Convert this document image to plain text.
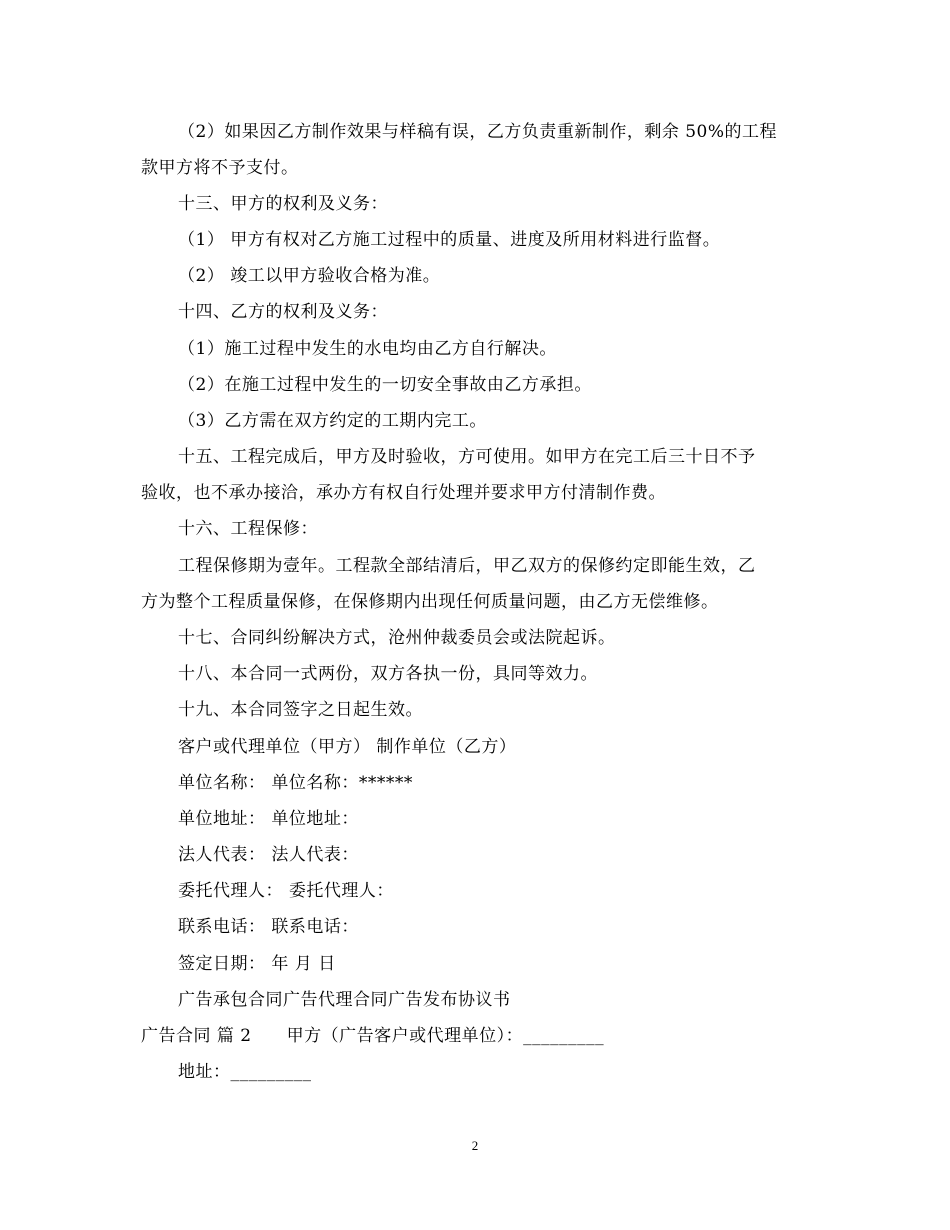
（2）如果因乙方制作效果与样稿有误，乙方负责重新制作，剩余 50%的工程
款甲方将不予支付。
十三、甲方的权利及义务：
（1） 甲方有权对乙方施工过程中的质量、进度及所用材料进行监督。
（2） 竣工以甲方验收合格为准。
十四、乙方的权利及义务：
（1）施工过程中发生的水电均由乙方自行解决。
（2）在施工过程中发生的一切安全事故由乙方承担。
（3）乙方需在双方约定的工期内完工。
十五、工程完成后，甲方及时验收，方可使用。如甲方在完工后三十日不予
验收，也不承办接洽，承办方有权自行处理并要求甲方付清制作费。
十六、工程保修：
工程保修期为壹年。工程款全部结清后，甲乙双方的保修约定即能生效，乙
方为整个工程质量保修，在保修期内出现任何质量问题，由乙方无偿维修。
十七、合同纠纷解决方式，沧州仲裁委员会或法院起诉。
十八、本合同一式两份，双方各执一份，具同等效力。
十九、本合同签字之日起生效。
客户或代理单位（甲方） 制作单位（乙方）
单位名称： 单位名称：******
单位地址： 单位地址：
法人代表： 法人代表：
委托代理人： 委托代理人：
联系电话： 联系电话：
签定日期： 年 月 日
广告承包合同广告代理合同广告发布协议书
广告合同 篇 2　　甲方（广告客户或代理单位）：_________
地址：_________
2
